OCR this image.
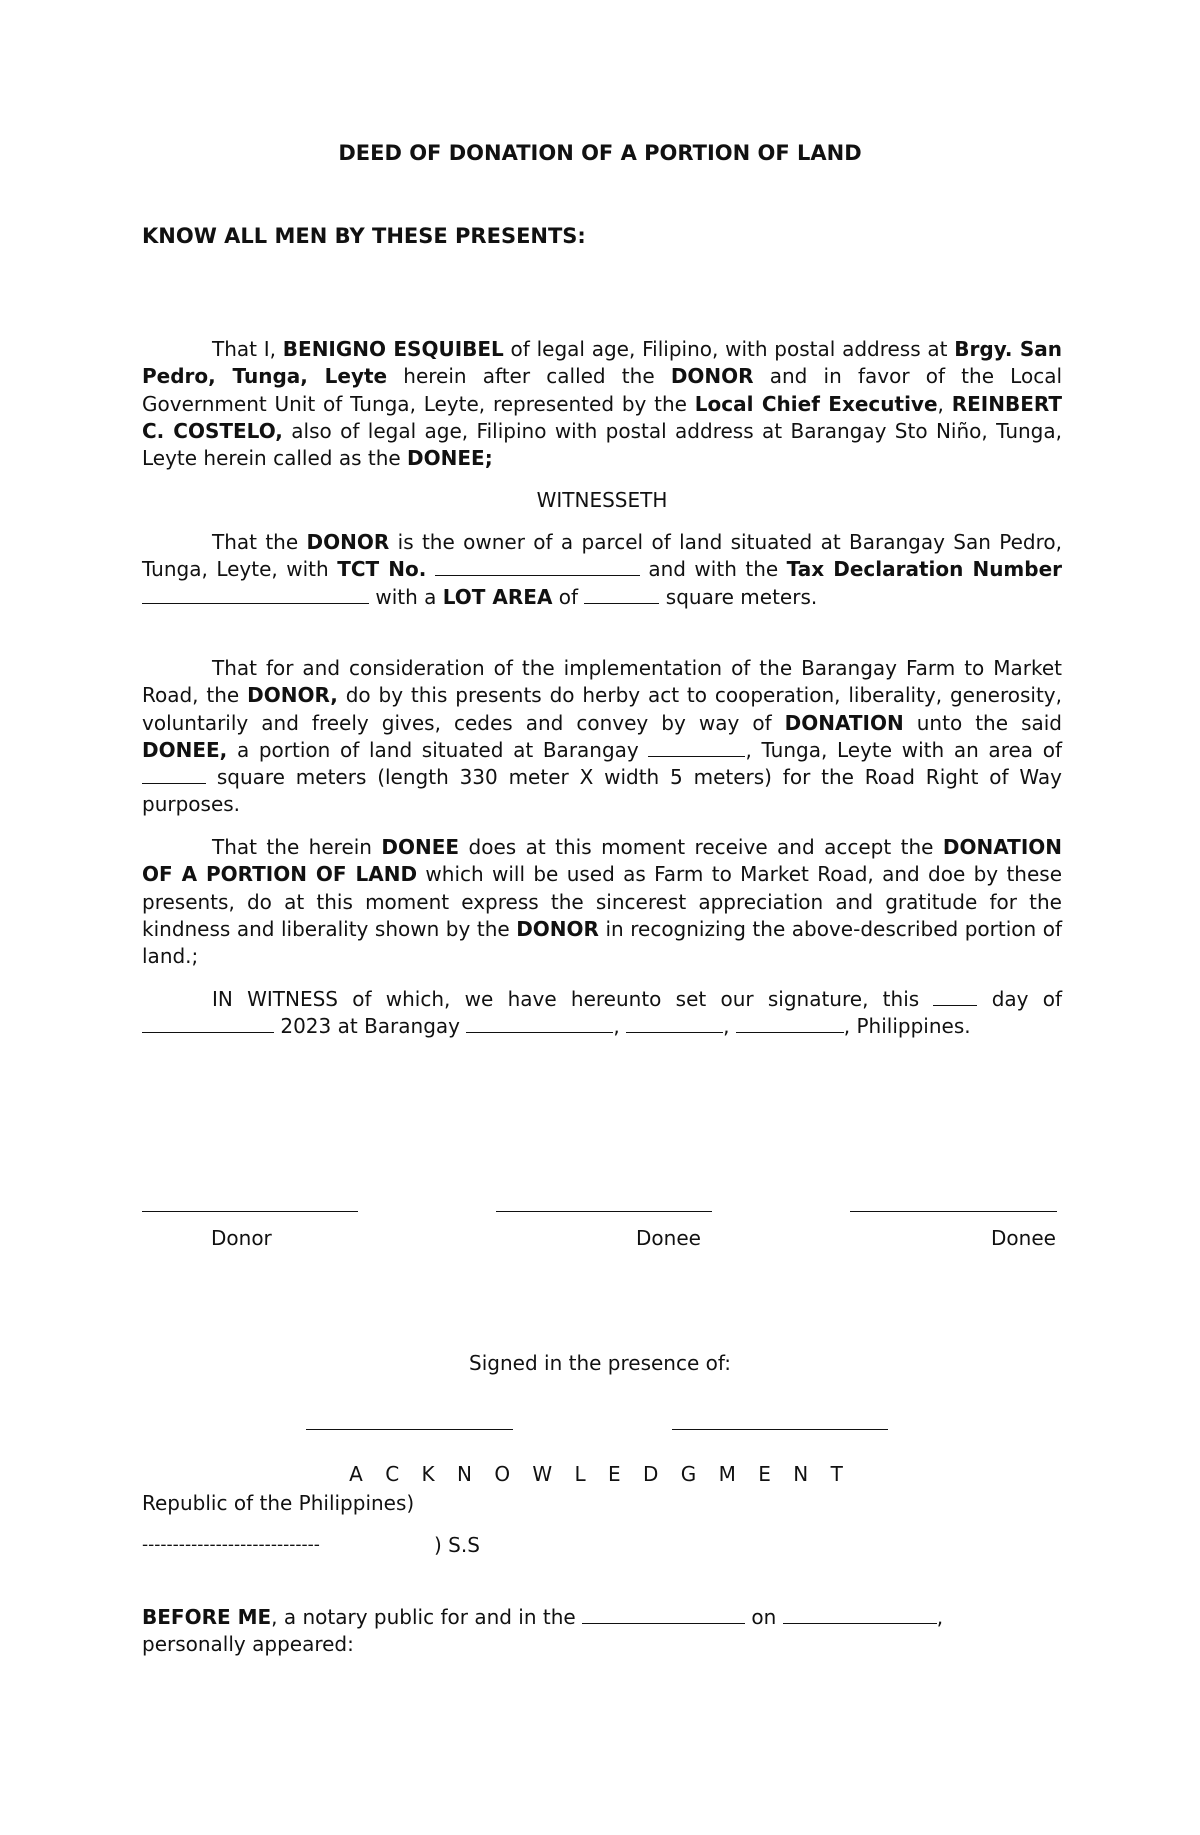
DEED OF DONATION OF A PORTION OF LAND
KNOW ALL MEN BY THESE PRESENTS:
That I, BENIGNO ESQUIBEL of legal age, Filipino, with postal address at Brgy. San Pedro, Tunga, Leyte herein after called the DONOR and in favor of the Local Government Unit of Tunga, Leyte, represented by the Local Chief Executive, REINBERT C. COSTELO, also of legal age, Filipino with postal address at Barangay Sto Niño, Tunga, Leyte herein called as the DONEE;
WITNESSETH
That the DONOR is the owner of a parcel of land situated at Barangay San Pedro, Tunga, Leyte, with TCT No.	and with the Tax Declaration Number  with a LOT AREA of	square meters.
That for and consideration of the implementation of the Barangay Farm to Market Road, the DONOR, do by this presents do herby act to cooperation, liberality, generosity, voluntarily and freely gives, cedes and convey by way of DONATION unto the said DONEE, a portion of land situated at Barangay	, Tunga, Leyte with an area of  square meters (length 330 meter X width 5 meters) for the Road Right of Way purposes.
That the herein DONEE does at this moment receive and accept the DONATION OF A PORTION OF LAND which will be used as Farm to Market Road, and doe by these presents, do at this moment express the sincerest appreciation and gratitude for the kindness and liberality shown by the DONOR in recognizing the above-described portion of land.;
IN WITNESS of which, we have hereunto set our signature, this  day of  2023 at Barangay	,	,	, Philippines.
Donor	Donee	Donee
Signed in the presence of:
A C K N O W L E D G M E N T
Republic of the Philippines)
-----------------------------	) S.S
BEFORE ME, a notary public for and in the	on	,
personally appeared:
